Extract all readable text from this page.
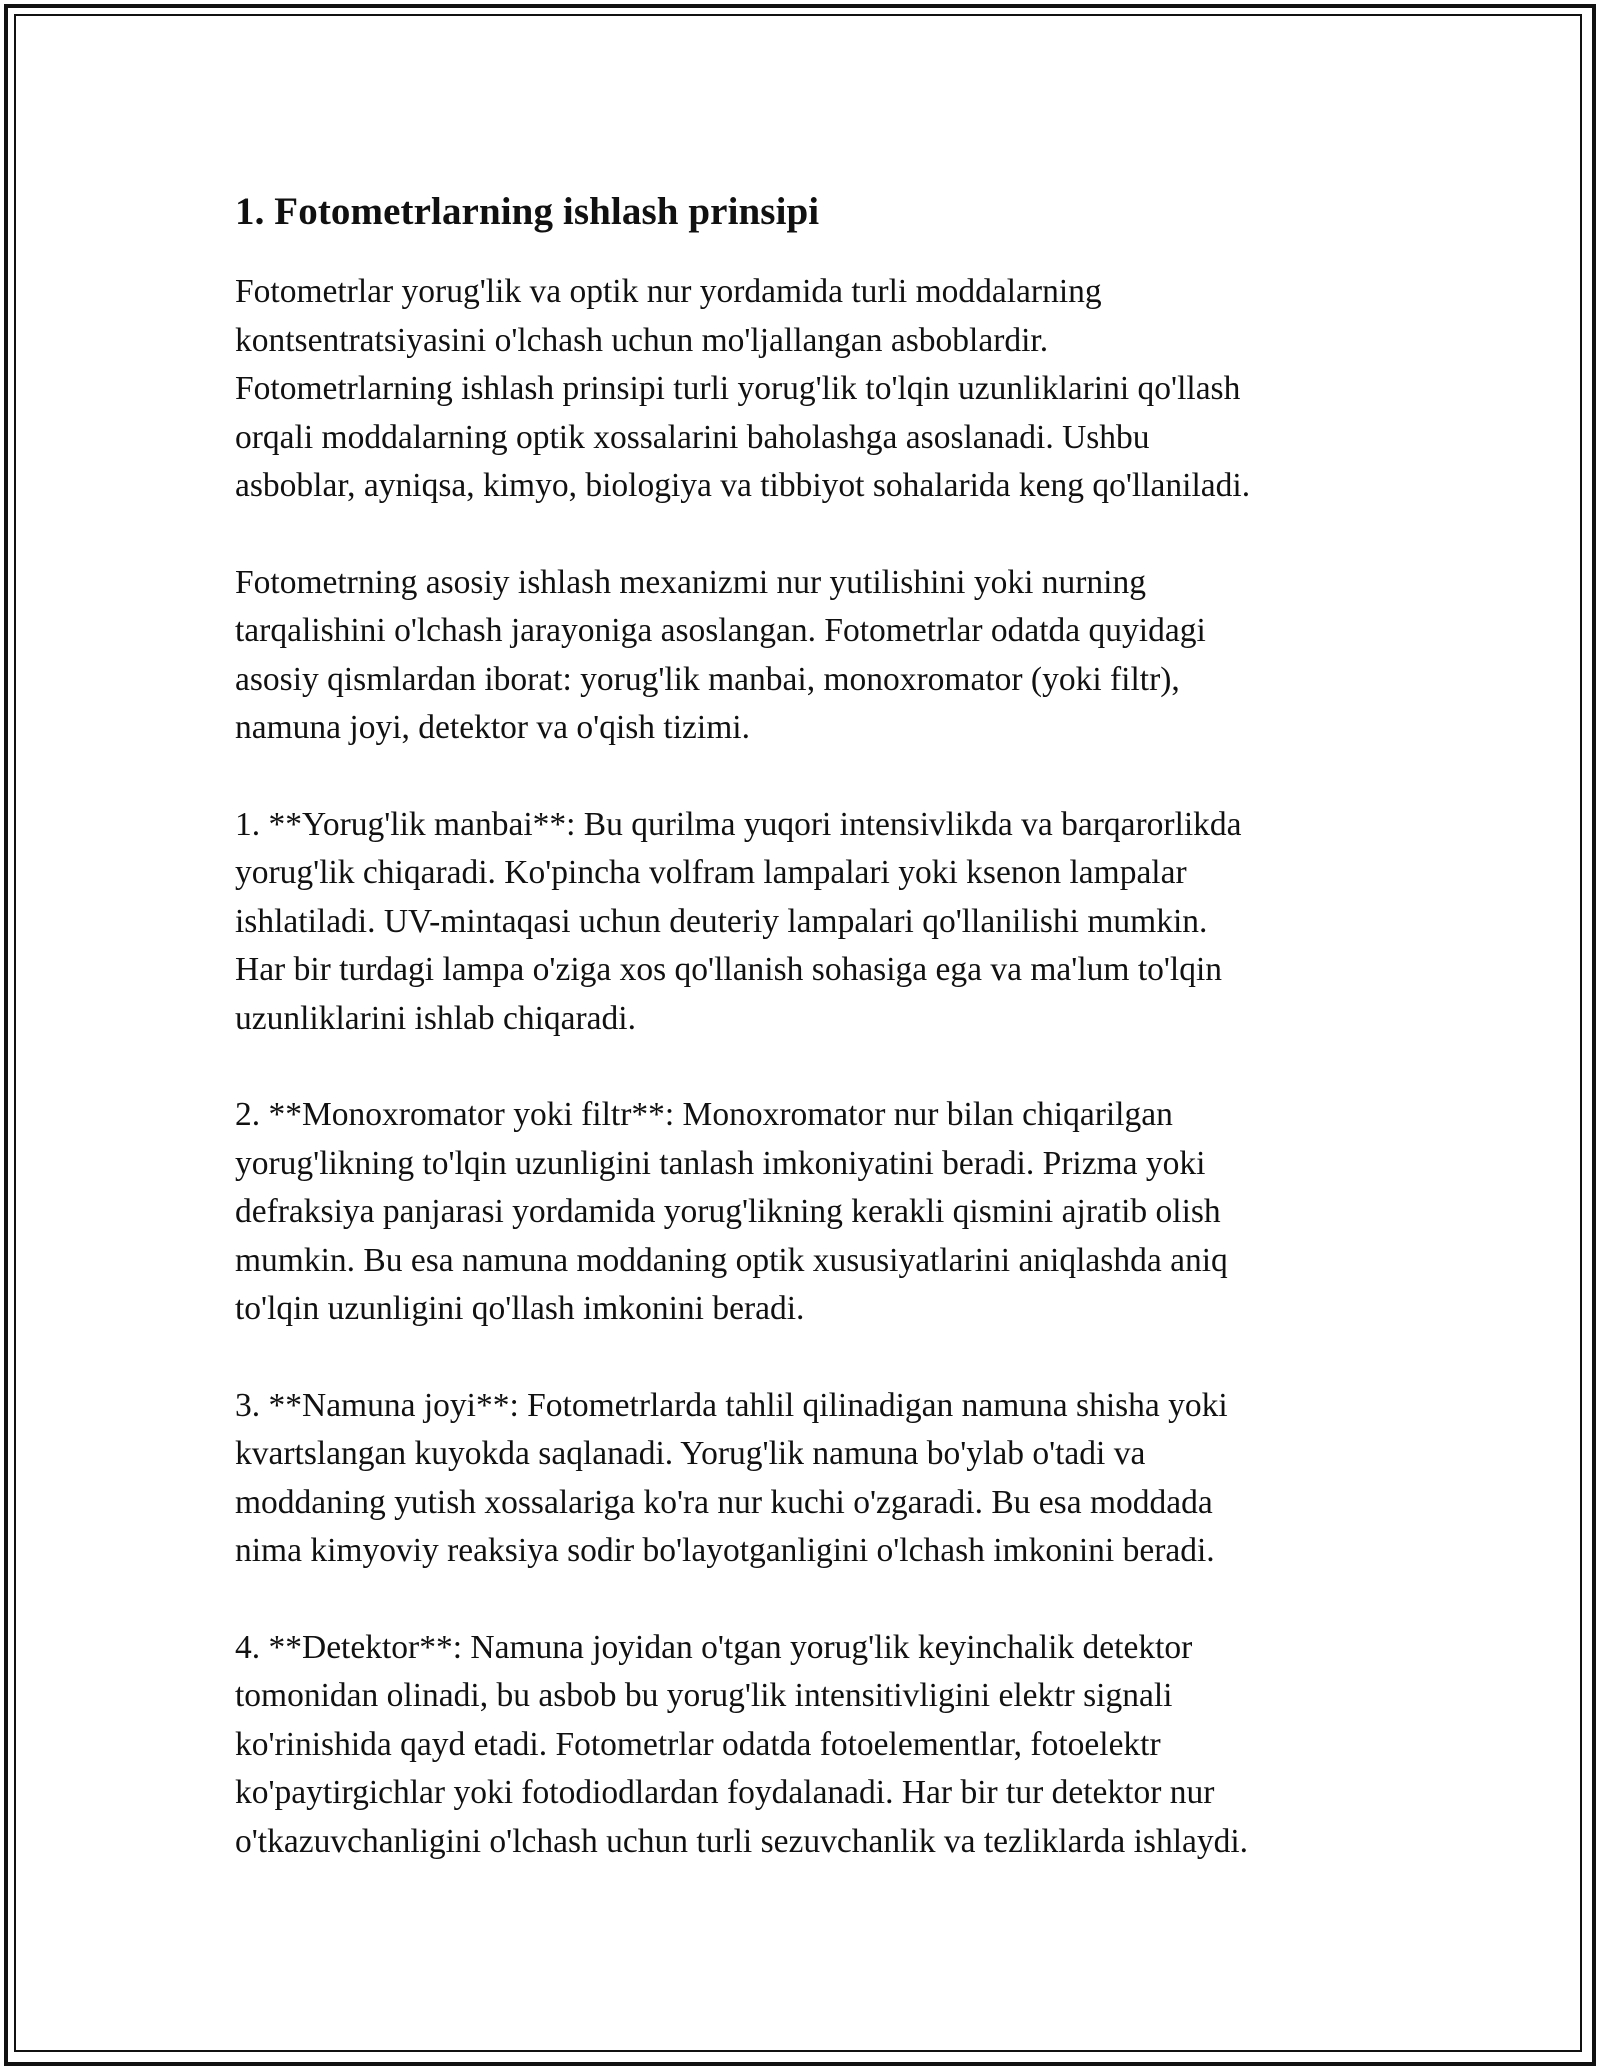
1. Fotometrlarning ishlash prinsipi

Fotometrlar yorug'lik va optik nur yordamida turli moddalarning
kontsentratsiyasini o'lchash uchun mo'ljallangan asboblardir.
Fotometrlarning ishlash prinsipi turli yorug'lik to'lqin uzunliklarini qo'llash
orqali moddalarning optik xossalarini baholashga asoslanadi. Ushbu
asboblar, ayniqsa, kimyo, biologiya va tibbiyot sohalarida keng qo'llaniladi.

Fotometrning asosiy ishlash mexanizmi nur yutilishini yoki nurning
tarqalishini o'lchash jarayoniga asoslangan. Fotometrlar odatda quyidagi
asosiy qismlardan iborat: yorug'lik manbai, monoxromator (yoki filtr),
namuna joyi, detektor va o'qish tizimi.

1. **Yorug'lik manbai**: Bu qurilma yuqori intensivlikda va barqarorlikda
yorug'lik chiqaradi. Ko'pincha volfram lampalari yoki ksenon lampalar
ishlatiladi. UV-mintaqasi uchun deuteriy lampalari qo'llanilishi mumkin.
Har bir turdagi lampa o'ziga xos qo'llanish sohasiga ega va ma'lum to'lqin
uzunliklarini ishlab chiqaradi.

2. **Monoxromator yoki filtr**: Monoxromator nur bilan chiqarilgan
yorug'likning to'lqin uzunligini tanlash imkoniyatini beradi. Prizma yoki
defraksiya panjarasi yordamida yorug'likning kerakli qismini ajratib olish
mumkin. Bu esa namuna moddaning optik xususiyatlarini aniqlashda aniq
to'lqin uzunligini qo'llash imkonini beradi.

3. **Namuna joyi**: Fotometrlarda tahlil qilinadigan namuna shisha yoki
kvartslangan kuyokda saqlanadi. Yorug'lik namuna bo'ylab o'tadi va
moddaning yutish xossalariga ko'ra nur kuchi o'zgaradi. Bu esa moddada
nima kimyoviy reaksiya sodir bo'layotganligini o'lchash imkonini beradi.

4. **Detektor**: Namuna joyidan o'tgan yorug'lik keyinchalik detektor
tomonidan olinadi, bu asbob bu yorug'lik intensitivligini elektr signali
ko'rinishida qayd etadi. Fotometrlar odatda fotoelementlar, fotoelektr
ko'paytirgichlar yoki fotodiodlardan foydalanadi. Har bir tur detektor nur
o'tkazuvchanligini o'lchash uchun turli sezuvchanlik va tezliklarda ishlaydi.
